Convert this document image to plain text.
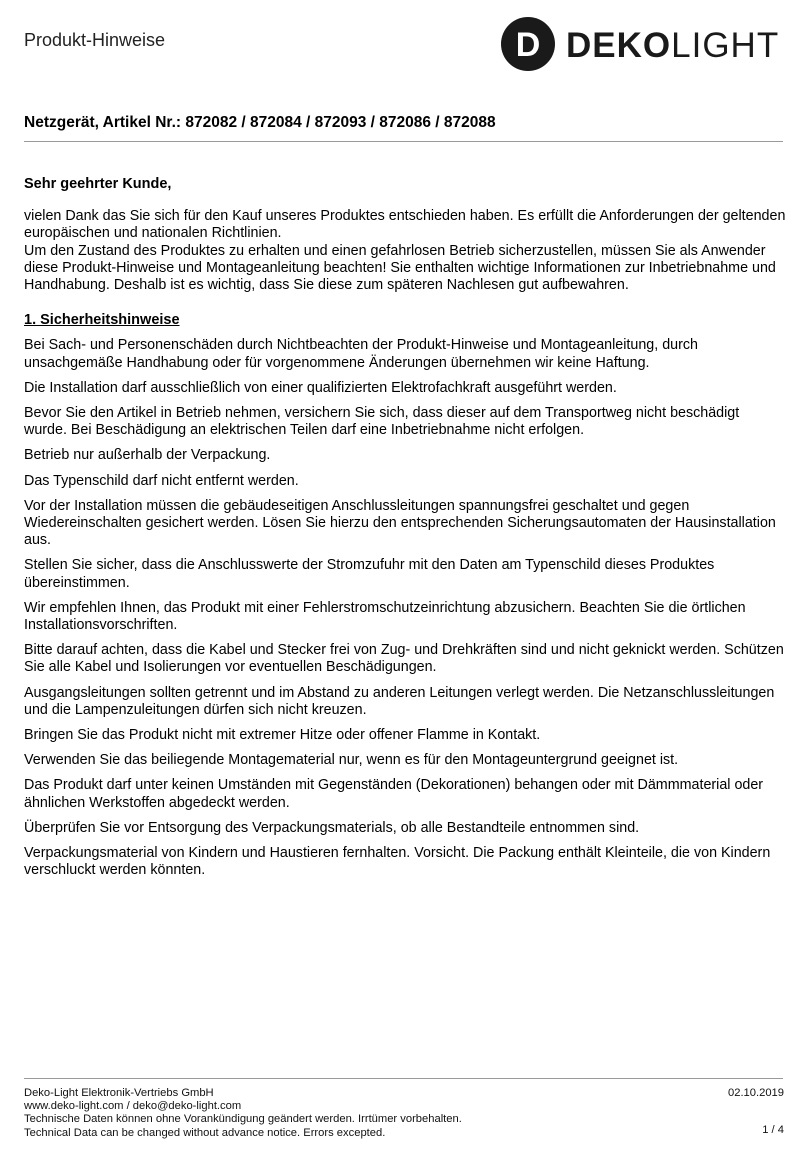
Produkt-Hinweise	D DEKOLIGHT
Netzgerät, Artikel Nr.: 872082 / 872084 / 872093 / 872086 / 872088
Sehr geehrter Kunde,

vielen Dank das Sie sich für den Kauf unseres Produktes entschieden haben. Es erfüllt die Anforderungen der geltenden europäischen und nationalen Richtlinien.

Um den Zustand des Produktes zu erhalten und einen gefahrlosen Betrieb sicherzustellen, müssen Sie als Anwender diese Produkt-Hinweise und Montageanleitung beachten! Sie enthalten wichtige Informationen zur Inbetriebnahme und Handhabung. Deshalb ist es wichtig, dass Sie diese zum späteren Nachlesen gut aufbewahren.

1. Sicherheitshinweise

Bei Sach- und Personenschäden durch Nichtbeachten der Produkt-Hinweise und Montageanleitung, durch unsachgemäße Handhabung oder für vorgenommene Änderungen übernehmen wir keine Haftung.

Die Installation darf ausschließlich von einer qualifizierten Elektrofachkraft ausgeführt werden.

Bevor Sie den Artikel in Betrieb nehmen, versichern Sie sich, dass dieser auf dem Transportweg nicht beschädigt wurde. Bei Beschädigung an elektrischen Teilen darf eine Inbetriebnahme nicht erfolgen.

Betrieb nur außerhalb der Verpackung.

Das Typenschild darf nicht entfernt werden.

Vor der Installation müssen die gebäudeseitigen Anschlussleitungen spannungsfrei geschaltet und gegen Wiedereinschalten gesichert werden. Lösen Sie hierzu den entsprechenden Sicherungsautomaten der Hausinstallation aus.

Stellen Sie sicher, dass die Anschlusswerte der Stromzufuhr mit den Daten am Typenschild dieses Produktes übereinstimmen.

Wir empfehlen Ihnen, das Produkt mit einer Fehlerstromschutzeinrichtung abzusichern. Beachten Sie die örtlichen Installationsvorschriften.

Bitte darauf achten, dass die Kabel und Stecker frei von Zug- und Drehkräften sind und nicht geknickt werden. Schützen Sie alle Kabel und Isolierungen vor eventuellen Beschädigungen.

Ausgangsleitungen sollten getrennt und im Abstand zu anderen Leitungen verlegt werden. Die Netzanschlussleitungen und die Lampenzuleitungen dürfen sich nicht kreuzen.

Bringen Sie das Produkt nicht mit extremer Hitze oder offener Flamme in Kontakt.

Verwenden Sie das beiliegende Montagematerial nur, wenn es für den Montageuntergrund geeignet ist.

Das Produkt darf unter keinen Umständen mit Gegenständen (Dekorationen) behangen oder mit Dämmmaterial oder ähnlichen Werkstoffen abgedeckt werden.

Überprüfen Sie vor Entsorgung des Verpackungsmaterials, ob alle Bestandteile entnommen sind.

Verpackungsmaterial von Kindern und Haustieren fernhalten. Vorsicht. Die Packung enthält Kleinteile, die von Kindern verschluckt werden könnten.

Deko-Light Elektronik-Vertriebs GmbH
www.deko-light.com / deko@deko-light.com
Technische Daten können ohne Vorankündigung geändert werden. Irrtümer vorbehalten.
Technical Data can be changed without advance notice. Errors excepted.
02.10.2019
1 / 4
